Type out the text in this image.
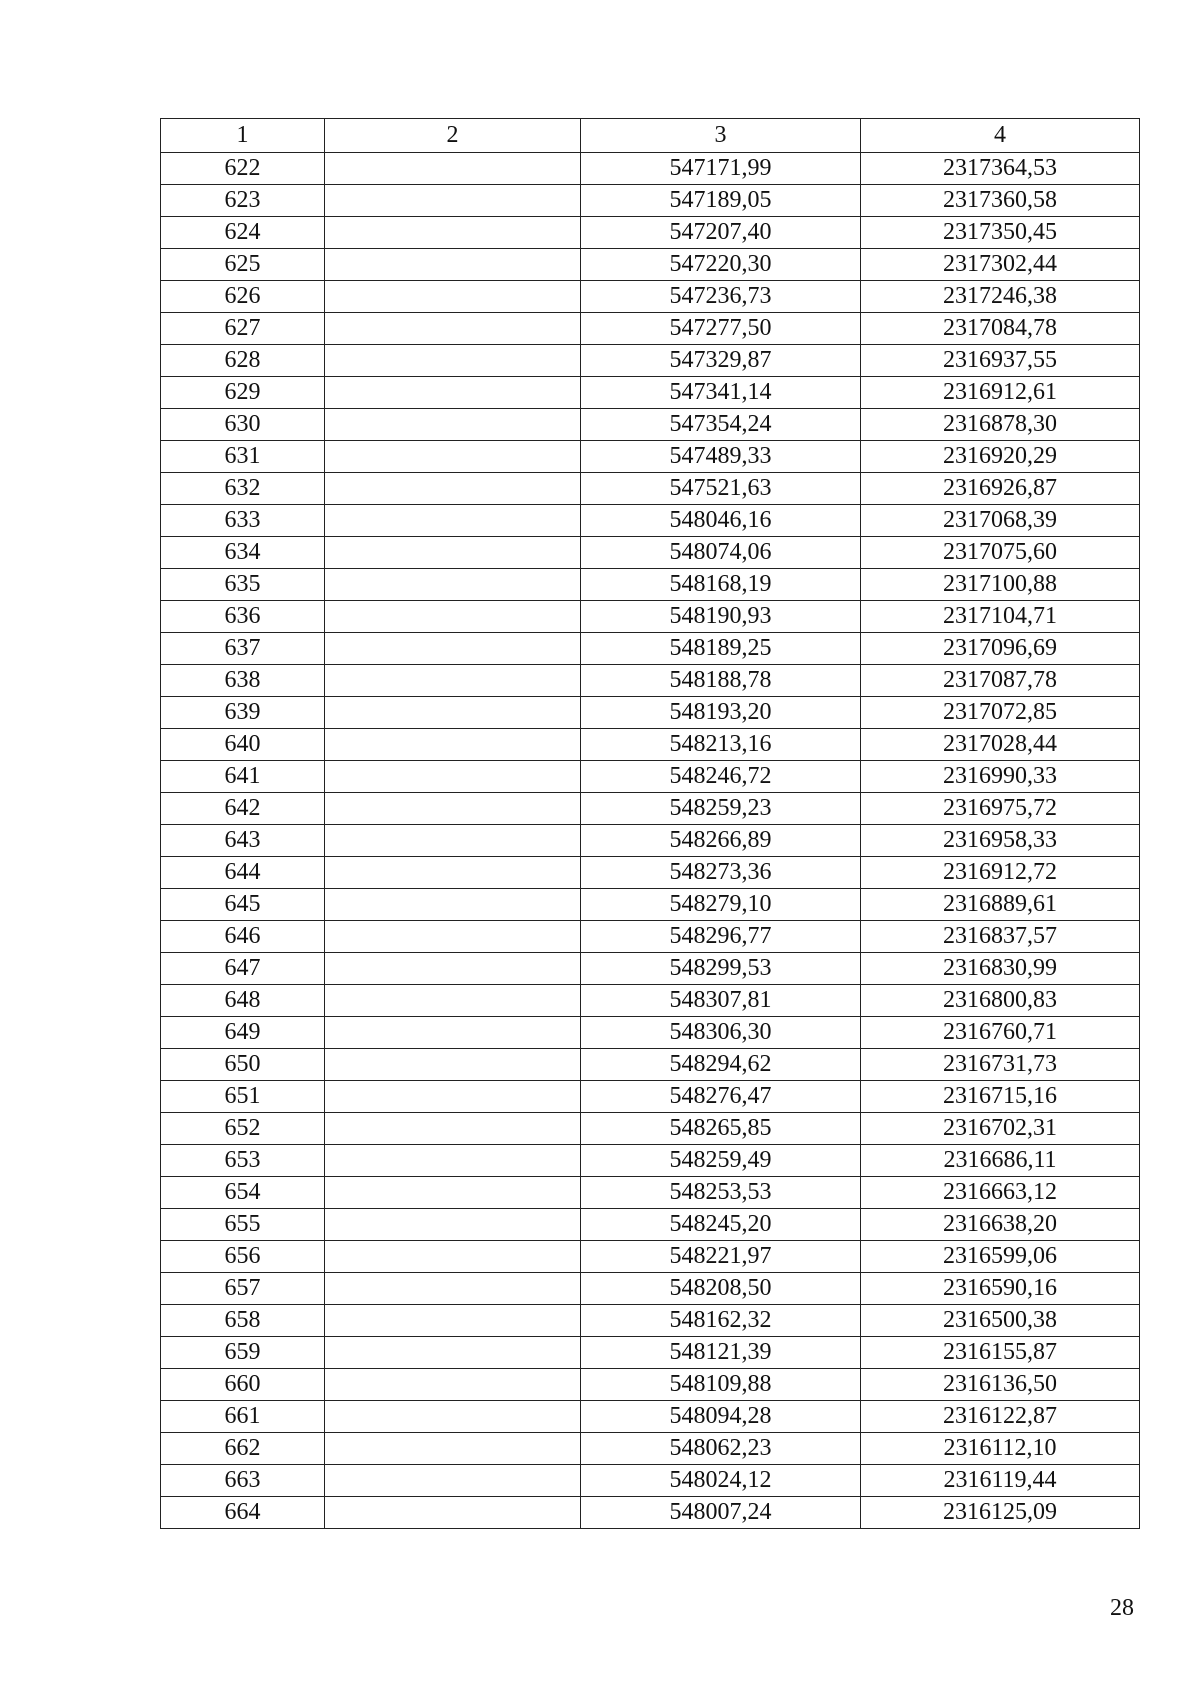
1	2	3	4
622		547171,99	2317364,53
623		547189,05	2317360,58
624		547207,40	2317350,45
625		547220,30	2317302,44
626		547236,73	2317246,38
627		547277,50	2317084,78
628		547329,87	2316937,55
629		547341,14	2316912,61
630		547354,24	2316878,30
631		547489,33	2316920,29
632		547521,63	2316926,87
633		548046,16	2317068,39
634		548074,06	2317075,60
635		548168,19	2317100,88
636		548190,93	2317104,71
637		548189,25	2317096,69
638		548188,78	2317087,78
639		548193,20	2317072,85
640		548213,16	2317028,44
641		548246,72	2316990,33
642		548259,23	2316975,72
643		548266,89	2316958,33
644		548273,36	2316912,72
645		548279,10	2316889,61
646		548296,77	2316837,57
647		548299,53	2316830,99
648		548307,81	2316800,83
649		548306,30	2316760,71
650		548294,62	2316731,73
651		548276,47	2316715,16
652		548265,85	2316702,31
653		548259,49	2316686,11
654		548253,53	2316663,12
655		548245,20	2316638,20
656		548221,97	2316599,06
657		548208,50	2316590,16
658		548162,32	2316500,38
659		548121,39	2316155,87
660		548109,88	2316136,50
661		548094,28	2316122,87
662		548062,23	2316112,10
663		548024,12	2316119,44
664		548007,24	2316125,09
28
